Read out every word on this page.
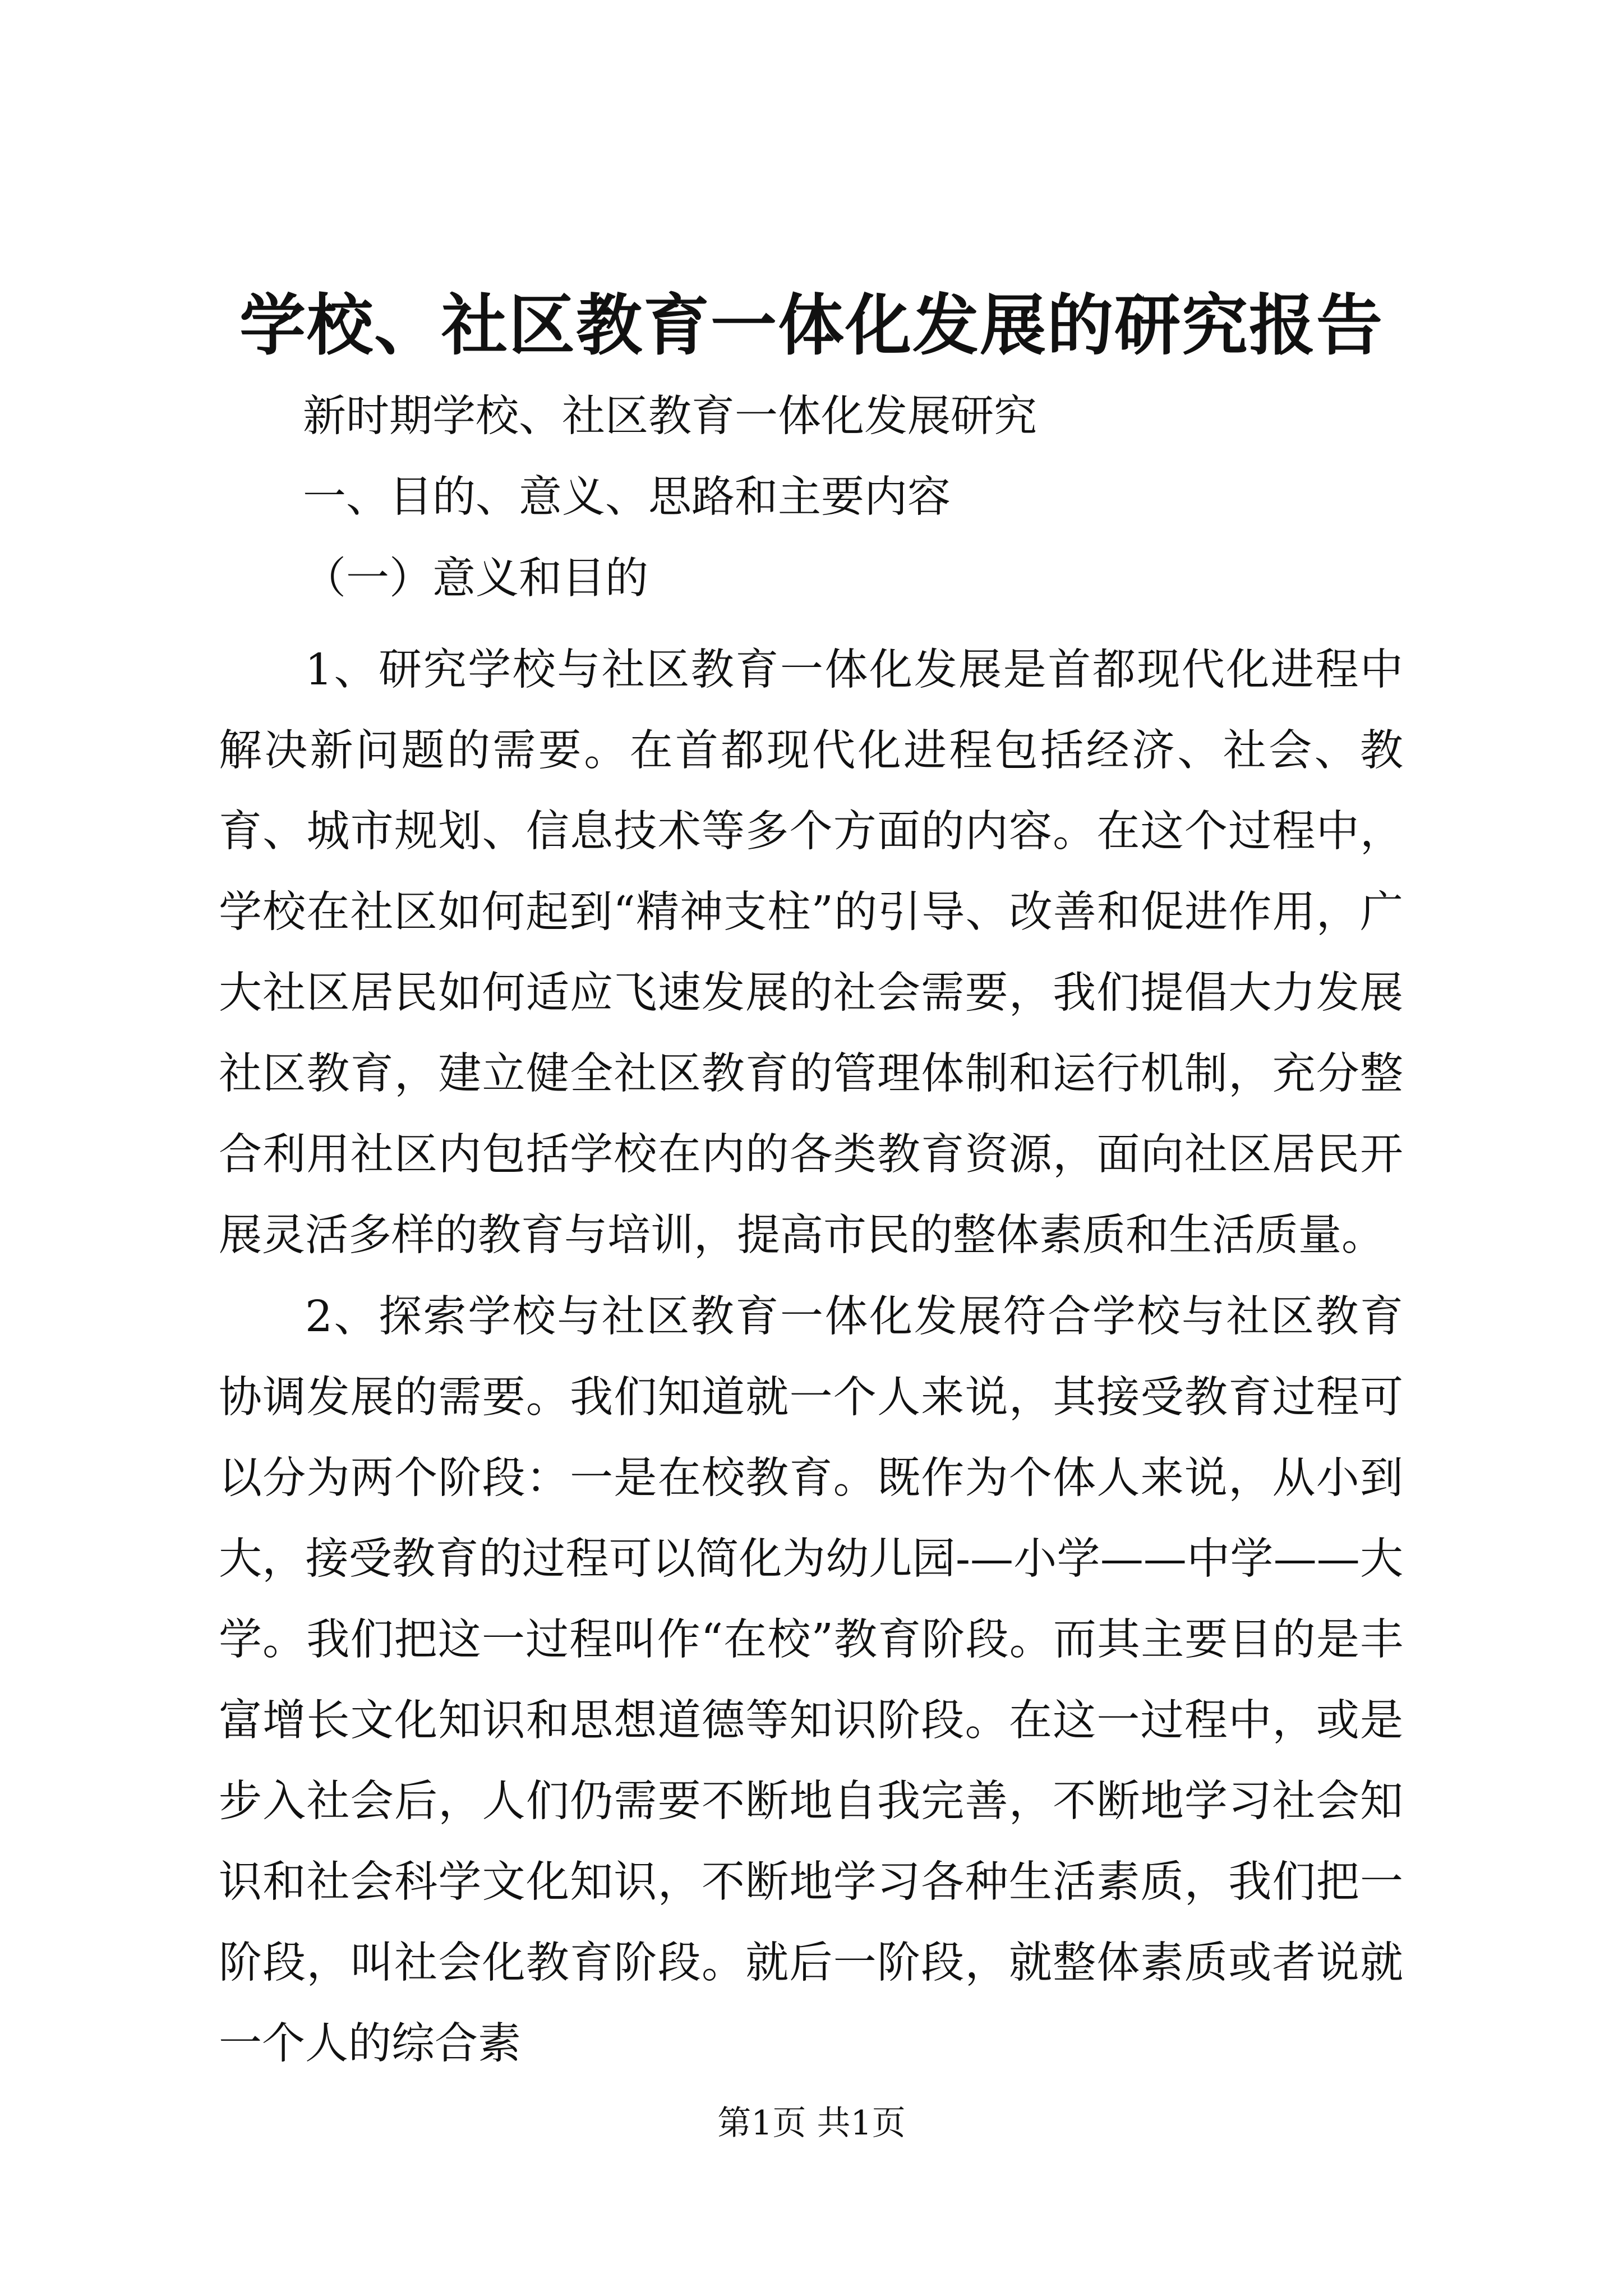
学校、社区教育一体化发展的研究报告

新时期学校、社区教育一体化发展研究

一、目的、意义、思路和主要内容

（一）意义和目的

1、研究学校与社区教育一体化发展是首都现代化进程中解决新问题的需要。在首都现代化进程包括经济、社会、教育、城市规划、信息技术等多个方面的内容。在这个过程中，学校在社区如何起到“精神支柱”的引导、改善和促进作用，广大社区居民如何适应飞速发展的社会需要，我们提倡大力发展社区教育，建立健全社区教育的管理体制和运行机制，充分整合利用社区内包括学校在内的各类教育资源，面向社区居民开展灵活多样的教育与培训，提高市民的整体素质和生活质量。

2、探索学校与社区教育一体化发展符合学校与社区教育协调发展的需要。我们知道就一个人来说，其接受教育过程可以分为两个阶段：一是在校教育。既作为个体人来说，从小到大，接受教育的过程可以简化为幼儿园-—小学——中学——大学。我们把这一过程叫作“在校”教育阶段。而其主要目的是丰富增长文化知识和思想道德等知识阶段。在这一过程中，或是步入社会后，人们仍需要不断地自我完善，不断地学习社会知识和社会科学文化知识，不断地学习各种生活素质，我们把一阶段，叫社会化教育阶段。就后一阶段，就整体素质或者说就一个人的综合素

第1页 共1页
